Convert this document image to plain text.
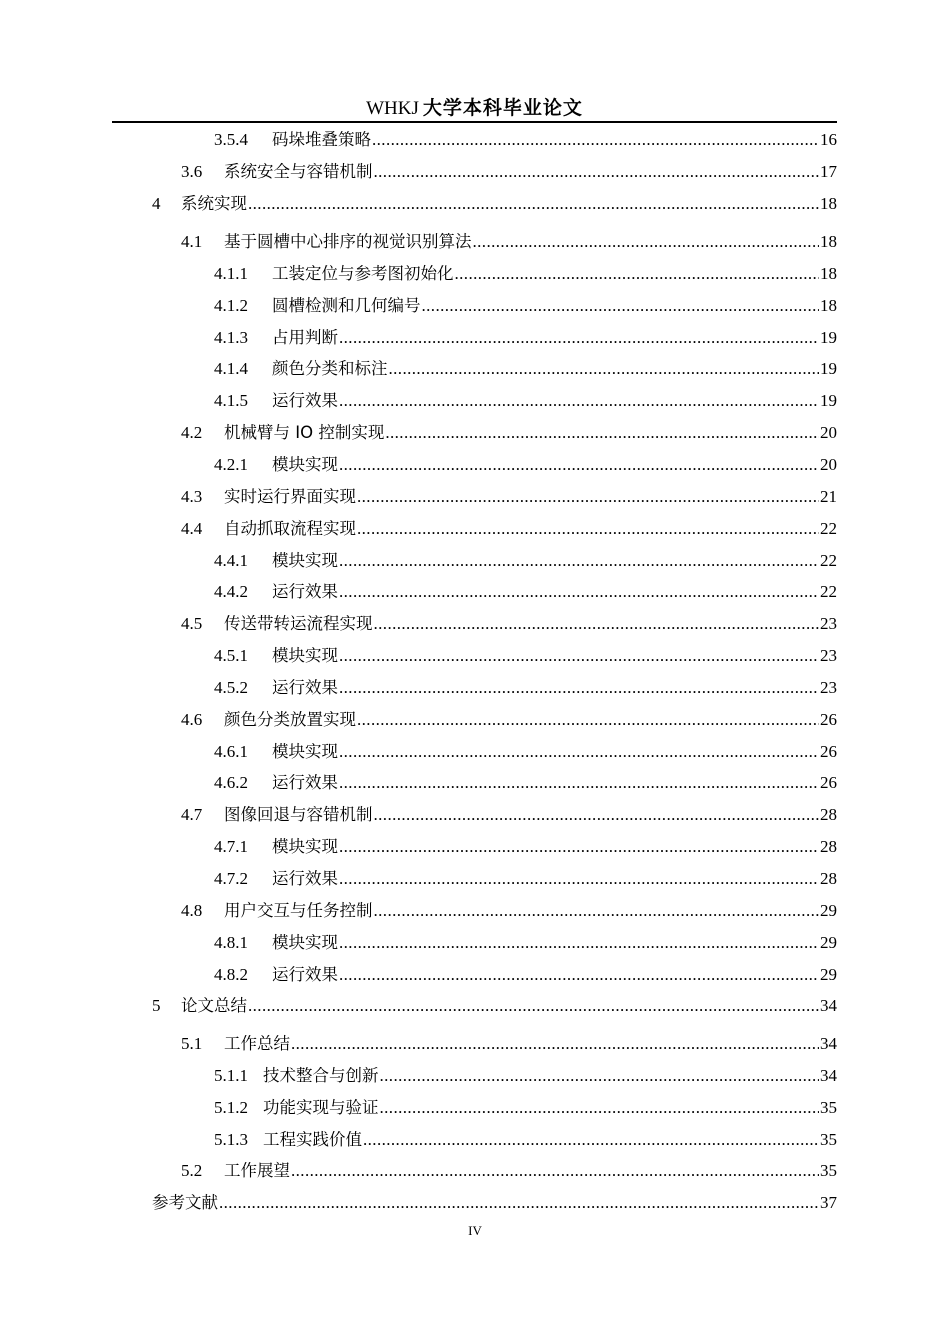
WHKJ 大学本科毕业论文
3.5.4	码垛堆叠策略 .....	16
3.6	系统安全与容错机制 .....	17
4	系统实现 .....	18
4.1	基于圆槽中心排序的视觉识别算法 .....	18
4.1.1	工装定位与参考图初始化 .....	18
4.1.2	圆槽检测和几何编号 .....	18
4.1.3	占用判断 .....	19
4.1.4	颜色分类和标注 .....	19
4.1.5	运行效果 .....	19
4.2	机械臂与 IO 控制实现 .....	20
4.2.1	模块实现 .....	20
4.3	实时运行界面实现 .....	21
4.4	自动抓取流程实现 .....	22
4.4.1	模块实现 .....	22
4.4.2	运行效果 .....	22
4.5	传送带转运流程实现 .....	23
4.5.1	模块实现 .....	23
4.5.2	运行效果 .....	23
4.6	颜色分类放置实现 .....	26
4.6.1	模块实现 .....	26
4.6.2	运行效果 .....	26
4.7	图像回退与容错机制 .....	28
4.7.1	模块实现 .....	28
4.7.2	运行效果 .....	28
4.8	用户交互与任务控制 .....	29
4.8.1	模块实现 .....	29
4.8.2	运行效果 .....	29
5	论文总结 .....	34
5.1	工作总结 .....	34
5.1.1 技术整合与创新 .....	34
5.1.2 功能实现与验证 .....	35
5.1.3 工程实践价值 .....	35
5.2	工作展望 .....	35
参考文献 .....	37
IV
